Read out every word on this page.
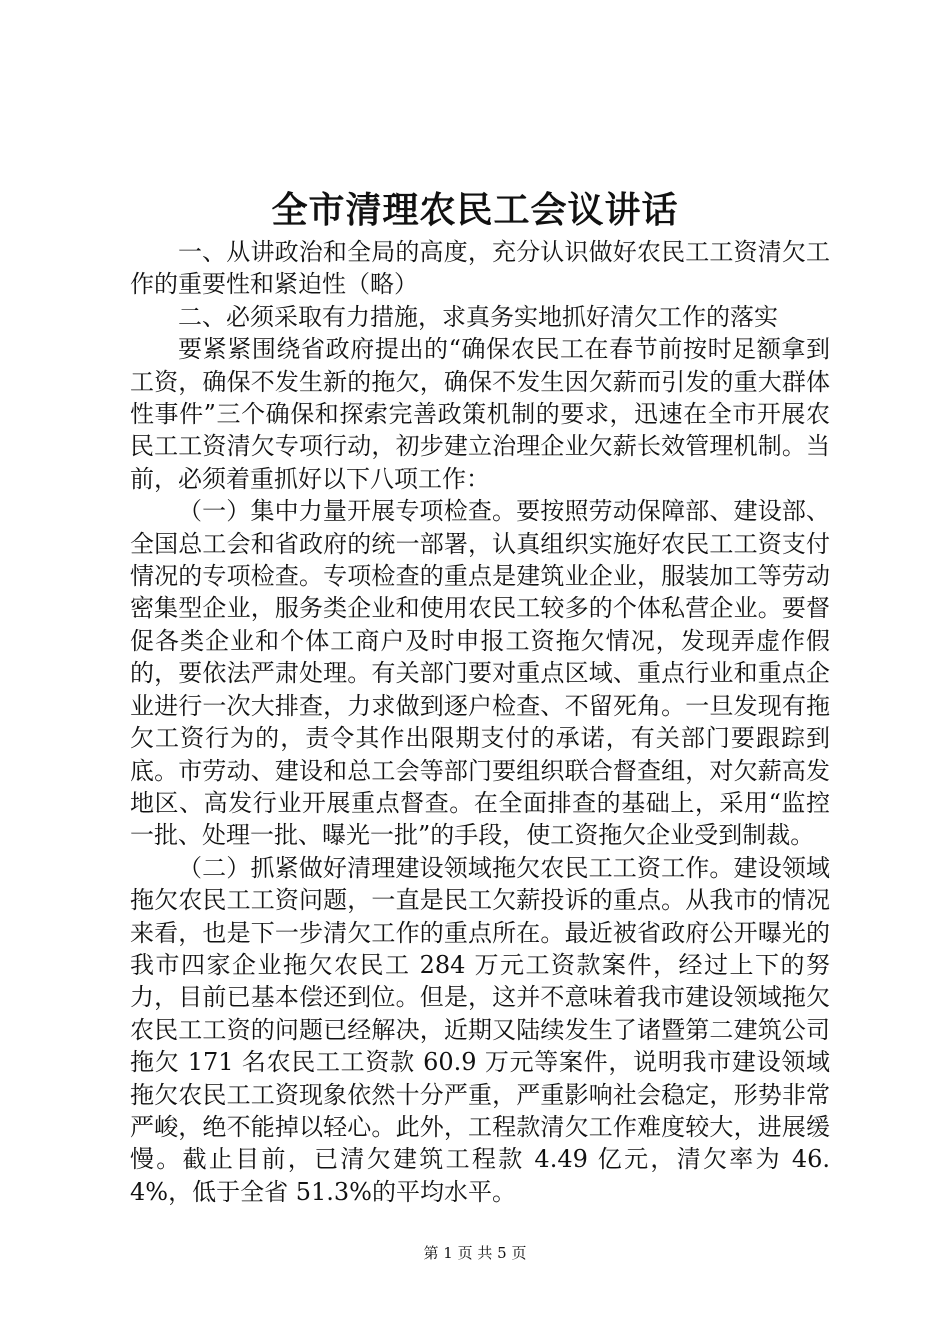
全市清理农民工会议讲话

一、从讲政治和全局的高度，充分认识做好农民工工资清欠工作的重要性和紧迫性（略）

二、必须采取有力措施，求真务实地抓好清欠工作的落实

要紧紧围绕省政府提出的“确保农民工在春节前按时足额拿到工资，确保不发生新的拖欠，确保不发生因欠薪而引发的重大群体性事件”三个确保和探索完善政策机制的要求，迅速在全市开展农民工工资清欠专项行动，初步建立治理企业欠薪长效管理机制。当前，必须着重抓好以下八项工作：

（一）集中力量开展专项检查。要按照劳动保障部、建设部、全国总工会和省政府的统一部署，认真组织实施好农民工工资支付情况的专项检查。专项检查的重点是建筑业企业，服装加工等劳动密集型企业，服务类企业和使用农民工较多的个体私营企业。要督促各类企业和个体工商户及时申报工资拖欠情况，发现弄虚作假的，要依法严肃处理。有关部门要对重点区域、重点行业和重点企业进行一次大排查，力求做到逐户检查、不留死角。一旦发现有拖欠工资行为的，责令其作出限期支付的承诺，有关部门要跟踪到底。市劳动、建设和总工会等部门要组织联合督查组，对欠薪高发地区、高发行业开展重点督查。在全面排查的基础上，采用“监控一批、处理一批、曝光一批”的手段，使工资拖欠企业受到制裁。

（二）抓紧做好清理建设领域拖欠农民工工资工作。建设领域拖欠农民工工资问题，一直是民工欠薪投诉的重点。从我市的情况来看，也是下一步清欠工作的重点所在。最近被省政府公开曝光的我市四家企业拖欠农民工 284 万元工资款案件，经过上下的努力，目前已基本偿还到位。但是，这并不意味着我市建设领域拖欠农民工工资的问题已经解决，近期又陆续发生了诸暨第二建筑公司拖欠 171 名农民工工资款 60.9 万元等案件，说明我市建设领域拖欠农民工工资现象依然十分严重，严重影响社会稳定，形势非常严峻，绝不能掉以轻心。此外，工程款清欠工作难度较大，进展缓慢。截止目前，已清欠建筑工程款 4.49 亿元，清欠率为 46.4%，低于全省 51.3%的平均水平。

第 1 页 共 5 页
